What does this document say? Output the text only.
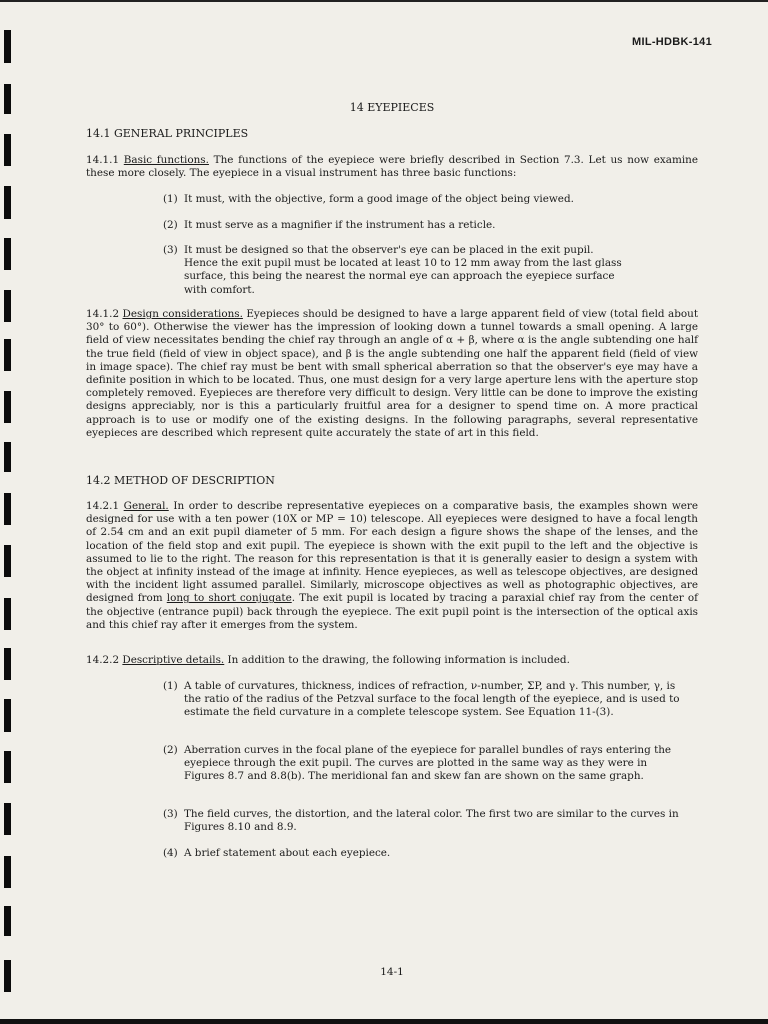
MIL-HDBK-141
14 EYEPIECES
14.1 GENERAL PRINCIPLES
14.1.1 Basic functions. The functions of the eyepiece were briefly described in Section 7.3. Let us now examine these more closely. The eyepiece in a visual instrument has three basic functions:
(1) It must, with the objective, form a good image of the object being viewed.
(2) It must serve as a magnifier if the instrument has a reticle.
(3) It must be designed so that the observer's eye can be placed in the exit pupil. Hence the exit pupil must be located at least 10 to 12 mm away from the last glass surface, this being the nearest the normal eye can approach the eyepiece surface with comfort.
14.1.2 Design considerations. Eyepieces should be designed to have a large apparent field of view (total field about 30° to 60°). Otherwise the viewer has the impression of looking down a tunnel towards a small opening. A large field of view necessitates bending the chief ray through an angle of α + β, where α is the angle subtending one half the true field (field of view in object space), and β is the angle subtending one half the apparent field (field of view in image space). The chief ray must be bent with small spherical aberration so that the observer's eye may have a definite position in which to be located. Thus, one must design for a very large aperture lens with the aperture stop completely removed. Eyepieces are therefore very difficult to design. Very little can be done to improve the existing designs appreciably, nor is this a particularly fruitful area for a designer to spend time on. A more practical approach is to use or modify one of the existing designs. In the following paragraphs, several representative eyepieces are described which represent quite accurately the state of art in this field.
14.2 METHOD OF DESCRIPTION
14.2.1 General. In order to describe representative eyepieces on a comparative basis, the examples shown were designed for use with a ten power (10X or MP = 10) telescope. All eyepieces were designed to have a focal length of 2.54 cm and an exit pupil diameter of 5 mm. For each design a figure shows the shape of the lenses, and the location of the field stop and exit pupil. The eyepiece is shown with the exit pupil to the left and the objective is assumed to lie to the right. The reason for this representation is that it is generally easier to design a system with the object at infinity instead of the image at infinity. Hence eyepieces, as well as telescope objectives, are designed with the incident light assumed parallel. Similarly, microscope objectives as well as photographic objectives, are designed from long to short conjugate. The exit pupil is located by tracing a paraxial chief ray from the center of the objective (entrance pupil) back through the eyepiece. The exit pupil point is the intersection of the optical axis and this chief ray after it emerges from the system.
14.2.2 Descriptive details. In addition to the drawing, the following information is included.
(1) A table of curvatures, thickness, indices of refraction, ν-number, ΣP, and γ. This number, γ, is the ratio of the radius of the Petzval surface to the focal length of the eyepiece, and is used to estimate the field curvature in a complete telescope system. See Equation 11-(3).
(2) Aberration curves in the focal plane of the eyepiece for parallel bundles of rays entering the eyepiece through the exit pupil. The curves are plotted in the same way as they were in Figures 8.7 and 8.8(b). The meridional fan and skew fan are shown on the same graph.
(3) The field curves, the distortion, and the lateral color. The first two are similar to the curves in Figures 8.10 and 8.9.
(4) A brief statement about each eyepiece.
14-1
